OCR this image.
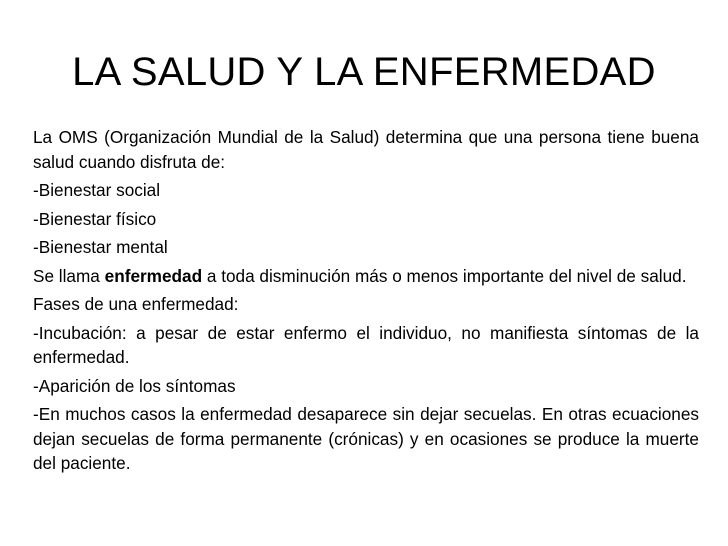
LA SALUD Y LA ENFERMEDAD

La OMS (Organización Mundial de la Salud) determina que una persona tiene buena salud cuando disfruta de:

-Bienestar social

-Bienestar físico

-Bienestar mental

Se llama enfermedad a toda disminución más o menos importante del nivel de salud.

Fases de una enfermedad:

-Incubación: a pesar de estar enfermo el individuo, no manifiesta síntomas de la enfermedad.

-Aparición de los síntomas

-En muchos casos la enfermedad desaparece sin dejar secuelas. En otras ecuaciones dejan secuelas de forma permanente (crónicas) y en ocasiones se produce la muerte del paciente.
